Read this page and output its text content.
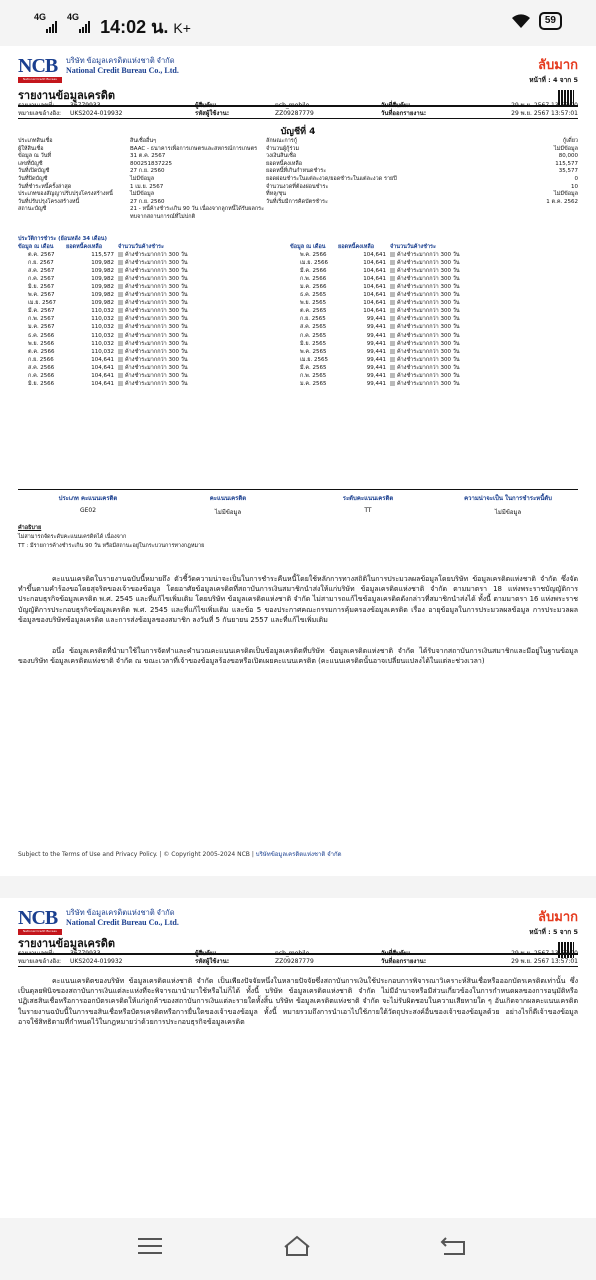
$^{4G}$ $^{4G}$ 14:02 น. K+	59
NCB
National Credit Bureau
บริษัท ข้อมูลเครดิตแห่งชาติ จำกัด
National Credit Bureau Co., Ltd.	ลับมาก
หน้าที่ : 4 จาก 5
รายงานข้อมูลเครดิต
รายงานเลขที่:	36779933	ผู้สืบค้น:	ncb_mobile	วันที่สืบค้น:	29 พ.ย. 2567 13:57:00
หมายเลขอ้างอิง:	UKS2024-019932	รหัสผู้ใช้งาน:	ZZ09287779	วันที่ออกรายงาน:	29 พ.ย. 2567 13:57:01
บัญชีที่ 4
ประเภทสินเชื่อ	สินเชื่ออื่นๆ	ลักษณะการกู้	กู้เดี่ยว
ผู้ให้สินเชื่อ	BAAC - ธนาคารเพื่อการเกษตรและสหกรณ์การเกษตร	จำนวนผู้กู้ร่วม	ไม่มีข้อมูล
ข้อมูล ณ วันที่	31 ต.ค. 2567	วงเงินสินเชื่อ	80,000
เลขที่บัญชี	800251837225	ยอดหนี้คงเหลือ	115,577
วันที่เปิดบัญชี	27 ก.ย. 2560	ยอดหนี้ที่เกินกำหนดชำระ	35,577
วันที่ปิดบัญชี	ไม่มีข้อมูล	ยอดผ่อนชำระในแต่ละงวด/ยอดชำระในแต่ละงวด รายปี	0
วันที่ชำระหนี้ครั้งล่าสุด	1 เม.ย. 2567	จำนวนงวดที่ต้องผ่อนชำระ	10
ประเภทของสัญญาปรับปรุงโครงสร้างหนี้	ไม่มีข้อมูล	ที่หลุ/ชุน	ไม่มีข้อมูล
วันที่ปรับปรุงโครงสร้างหนี้	27 ก.ย. 2560	วันที่เริ่มมีการคิดบัตรชำระ	1 ต.ค. 2562
สถานะบัญชี	21 - หนี้ค้างชำระเกิน 90 วัน เนื่องจากลูกหนี้ได้รับผลกระทบจากสถานการณ์ที่ไม่ปกติ
ประวัติการชำระ (ย้อนหลัง 34 เดือน)
ข้อมูล ณ เดือน	ยอดหนี้คงเหลือ	จำนวนวันค้างชำระ
ต.ค. 2567	115,577	ค้างชำระมากกว่า 300 วัน
ก.ย. 2567	109,982	ค้างชำระมากกว่า 300 วัน
ส.ค. 2567	109,982	ค้างชำระมากกว่า 300 วัน
ก.ค. 2567	109,982	ค้างชำระมากกว่า 300 วัน
มิ.ย. 2567	109,982	ค้างชำระมากกว่า 300 วัน
พ.ค. 2567	109,982	ค้างชำระมากกว่า 300 วัน
เม.ย. 2567	109,982	ค้างชำระมากกว่า 300 วัน
มี.ค. 2567	110,032	ค้างชำระมากกว่า 300 วัน
ก.พ. 2567	110,032	ค้างชำระมากกว่า 300 วัน
ม.ค. 2567	110,032	ค้างชำระมากกว่า 300 วัน
ธ.ค. 2566	110,032	ค้างชำระมากกว่า 300 วัน
พ.ย. 2566	110,032	ค้างชำระมากกว่า 300 วัน
ต.ค. 2566	110,032	ค้างชำระมากกว่า 300 วัน
ก.ย. 2566	104,641	ค้างชำระมากกว่า 300 วัน
ส.ค. 2566	104,641	ค้างชำระมากกว่า 300 วัน
ก.ค. 2566	104,641	ค้างชำระมากกว่า 300 วัน
มิ.ย. 2566	104,641	ค้างชำระมากกว่า 300 วัน
ข้อมูล ณ เดือน	ยอดหนี้คงเหลือ	จำนวนวันค้างชำระ
พ.ค. 2566	104,641	ค้างชำระมากกว่า 300 วัน
เม.ย. 2566	104,641	ค้างชำระมากกว่า 300 วัน
มี.ค. 2566	104,641	ค้างชำระมากกว่า 300 วัน
ก.พ. 2566	104,641	ค้างชำระมากกว่า 300 วัน
ม.ค. 2566	104,641	ค้างชำระมากกว่า 300 วัน
ธ.ค. 2565	104,641	ค้างชำระมากกว่า 300 วัน
พ.ย. 2565	104,641	ค้างชำระมากกว่า 300 วัน
ต.ค. 2565	104,641	ค้างชำระมากกว่า 300 วัน
ก.ย. 2565	99,441	ค้างชำระมากกว่า 300 วัน
ส.ค. 2565	99,441	ค้างชำระมากกว่า 300 วัน
ก.ค. 2565	99,441	ค้างชำระมากกว่า 300 วัน
มิ.ย. 2565	99,441	ค้างชำระมากกว่า 300 วัน
พ.ค. 2565	99,441	ค้างชำระมากกว่า 300 วัน
เม.ย. 2565	99,441	ค้างชำระมากกว่า 300 วัน
มี.ค. 2565	99,441	ค้างชำระมากกว่า 300 วัน
ก.พ. 2565	99,441	ค้างชำระมากกว่า 300 วัน
ม.ค. 2565	99,441	ค้างชำระมากกว่า 300 วัน
ประเภท คะแนนเครดิต	คะแนนเครดิต	ระดับคะแนนเครดิต	ความน่าจะเป็น ในการชำระหนี้ดับ
GE02	ไม่มีข้อมูล	TT	ไม่มีข้อมูล
คำอธิบาย
ไม่สามารถจัดระดับคะแนนเครดิตได้ เนื่องจาก
TT : มีรายการค้างชำระเกิน 90 วัน หรือมีสถานะอยู่ในกระบวนการทางกฎหมาย
คะแนนเครดิตในรายงานฉบับนี้หมายถึง ตัวชี้วัดความน่าจะเป็นในการชำระคืนหนี้โดยใช้หลักการทางสถิติในการประมวลผลข้อมูลโดยบริษัท ข้อมูลเครดิตแห่งชาติ จำกัด ซึ่งจัดทำขึ้นตามคำร้องขอโดยสุจริตของเจ้าของข้อมูล โดยอาศัยข้อมูลเครดิตที่สถาบันการเงินสมาชิกนำส่งให้แก่บริษัท ข้อมูลเครดิตแห่งชาติ จำกัด ตามมาตรา 18 แห่งพระราชบัญญัติการประกอบธุรกิจข้อมูลเครดิต พ.ศ. 2545 และที่แก้ไขเพิ่มเติม โดยบริษัท ข้อมูลเครดิตแห่งชาติ จำกัด ไม่สามารถแก้ไขข้อมูลเครดิตดังกล่าวที่สมาชิกนำส่งได้ ทั้งนี้ ตามมาตรา 16 แห่งพระราชบัญญัติการประกอบธุรกิจข้อมูลเครดิต พ.ศ. 2545 และที่แก้ไขเพิ่มเติม และข้อ 5 ของประกาศคณะกรรมการคุ้มครองข้อมูลเครดิต เรื่อง อายุข้อมูลในการประมวลผลข้อมูล การประมวลผลข้อมูลของบริษัทข้อมูลเครดิต และการส่งข้อมูลของสมาชิก ลงวันที่ 5 กันยายน 2557 และที่แก้ไขเพิ่มเติม
อนึ่ง ข้อมูลเครดิตที่นำมาใช้ในการจัดทำและคำนวณคะแนนเครดิตเป็นข้อมูลเครดิตที่บริษัท ข้อมูลเครดิตแห่งชาติ จำกัด ได้รับจากสถาบันการเงินสมาชิกและมีอยู่ในฐานข้อมูลของบริษัท ข้อมูลเครดิตแห่งชาติ จำกัด ณ ขณะเวลาที่เจ้าของข้อมูลร้องขอหรือเปิดเผยคะแนนเครดิต (คะแนนเครดิตนั้นอาจเปลี่ยนแปลงได้ในแต่ละช่วงเวลา)
Subject to the Terms of Use and Privacy Policy. | © Copyright 2005-2024 NCB | บริษัทข้อมูลเครดิตแห่งชาติ จำกัด
NCB
National Credit Bureau
บริษัท ข้อมูลเครดิตแห่งชาติ จำกัด
National Credit Bureau Co., Ltd.	ลับมาก
หน้าที่ : 5 จาก 5
รายงานข้อมูลเครดิต
รายงานเลขที่:	36779933	ผู้สืบค้น:	ncb_mobile	วันที่สืบค้น:	29 พ.ย. 2567 13:57:00
หมายเลขอ้างอิง:	UKS2024-019932	รหัสผู้ใช้งาน:	ZZ09287779	วันที่ออกรายงาน:	29 พ.ย. 2567 13:57:01
คะแนนเครดิตของบริษัท ข้อมูลเครดิตแห่งชาติ จำกัด เป็นเพียงปัจจัยหนึ่งในหลายปัจจัยซึ่งสถาบันการเงินใช้ประกอบการพิจารณาวิเคราะห์สินเชื่อหรือออกบัตรเครดิตเท่านั้น ซึ่งเป็นดุลยพินิจของสถาบันการเงินแต่ละแห่งที่จะพิจารณานำมาใช้หรือไม่ก็ได้ ทั้งนี้ บริษัท ข้อมูลเครดิตแห่งชาติ จำกัด ไม่มีอำนาจหรือมีส่วนเกี่ยวข้องในการกำหนดผลของการอนุมัติหรือปฏิเสธสินเชื่อหรือการออกบัตรเครดิตให้แก่ลูกค้าของสถาบันการเงินแต่ละรายใดทั้งสิ้น บริษัท ข้อมูลเครดิตแห่งชาติ จำกัด จะไม่รับผิดชอบในความเสียหายใด ๆ อันเกิดจากผลคะแนนเครดิตในรายงานฉบับนี้ในการขอสินเชื่อหรือบัตรเครดิตหรือการยื่นใดของเจ้าของข้อมูล ทั้งนี้ หมายรวมถึงการนำเอาไปใช้ภายใต้วัตถุประสงค์อื่นของเจ้าของข้อมูลด้วย อย่างไรก็ดีเจ้าของข้อมูลอาจใช้สิทธิตามที่กำหนดไว้ในกฎหมายว่าด้วยการประกอบธุรกิจข้อมูลเครดิต
